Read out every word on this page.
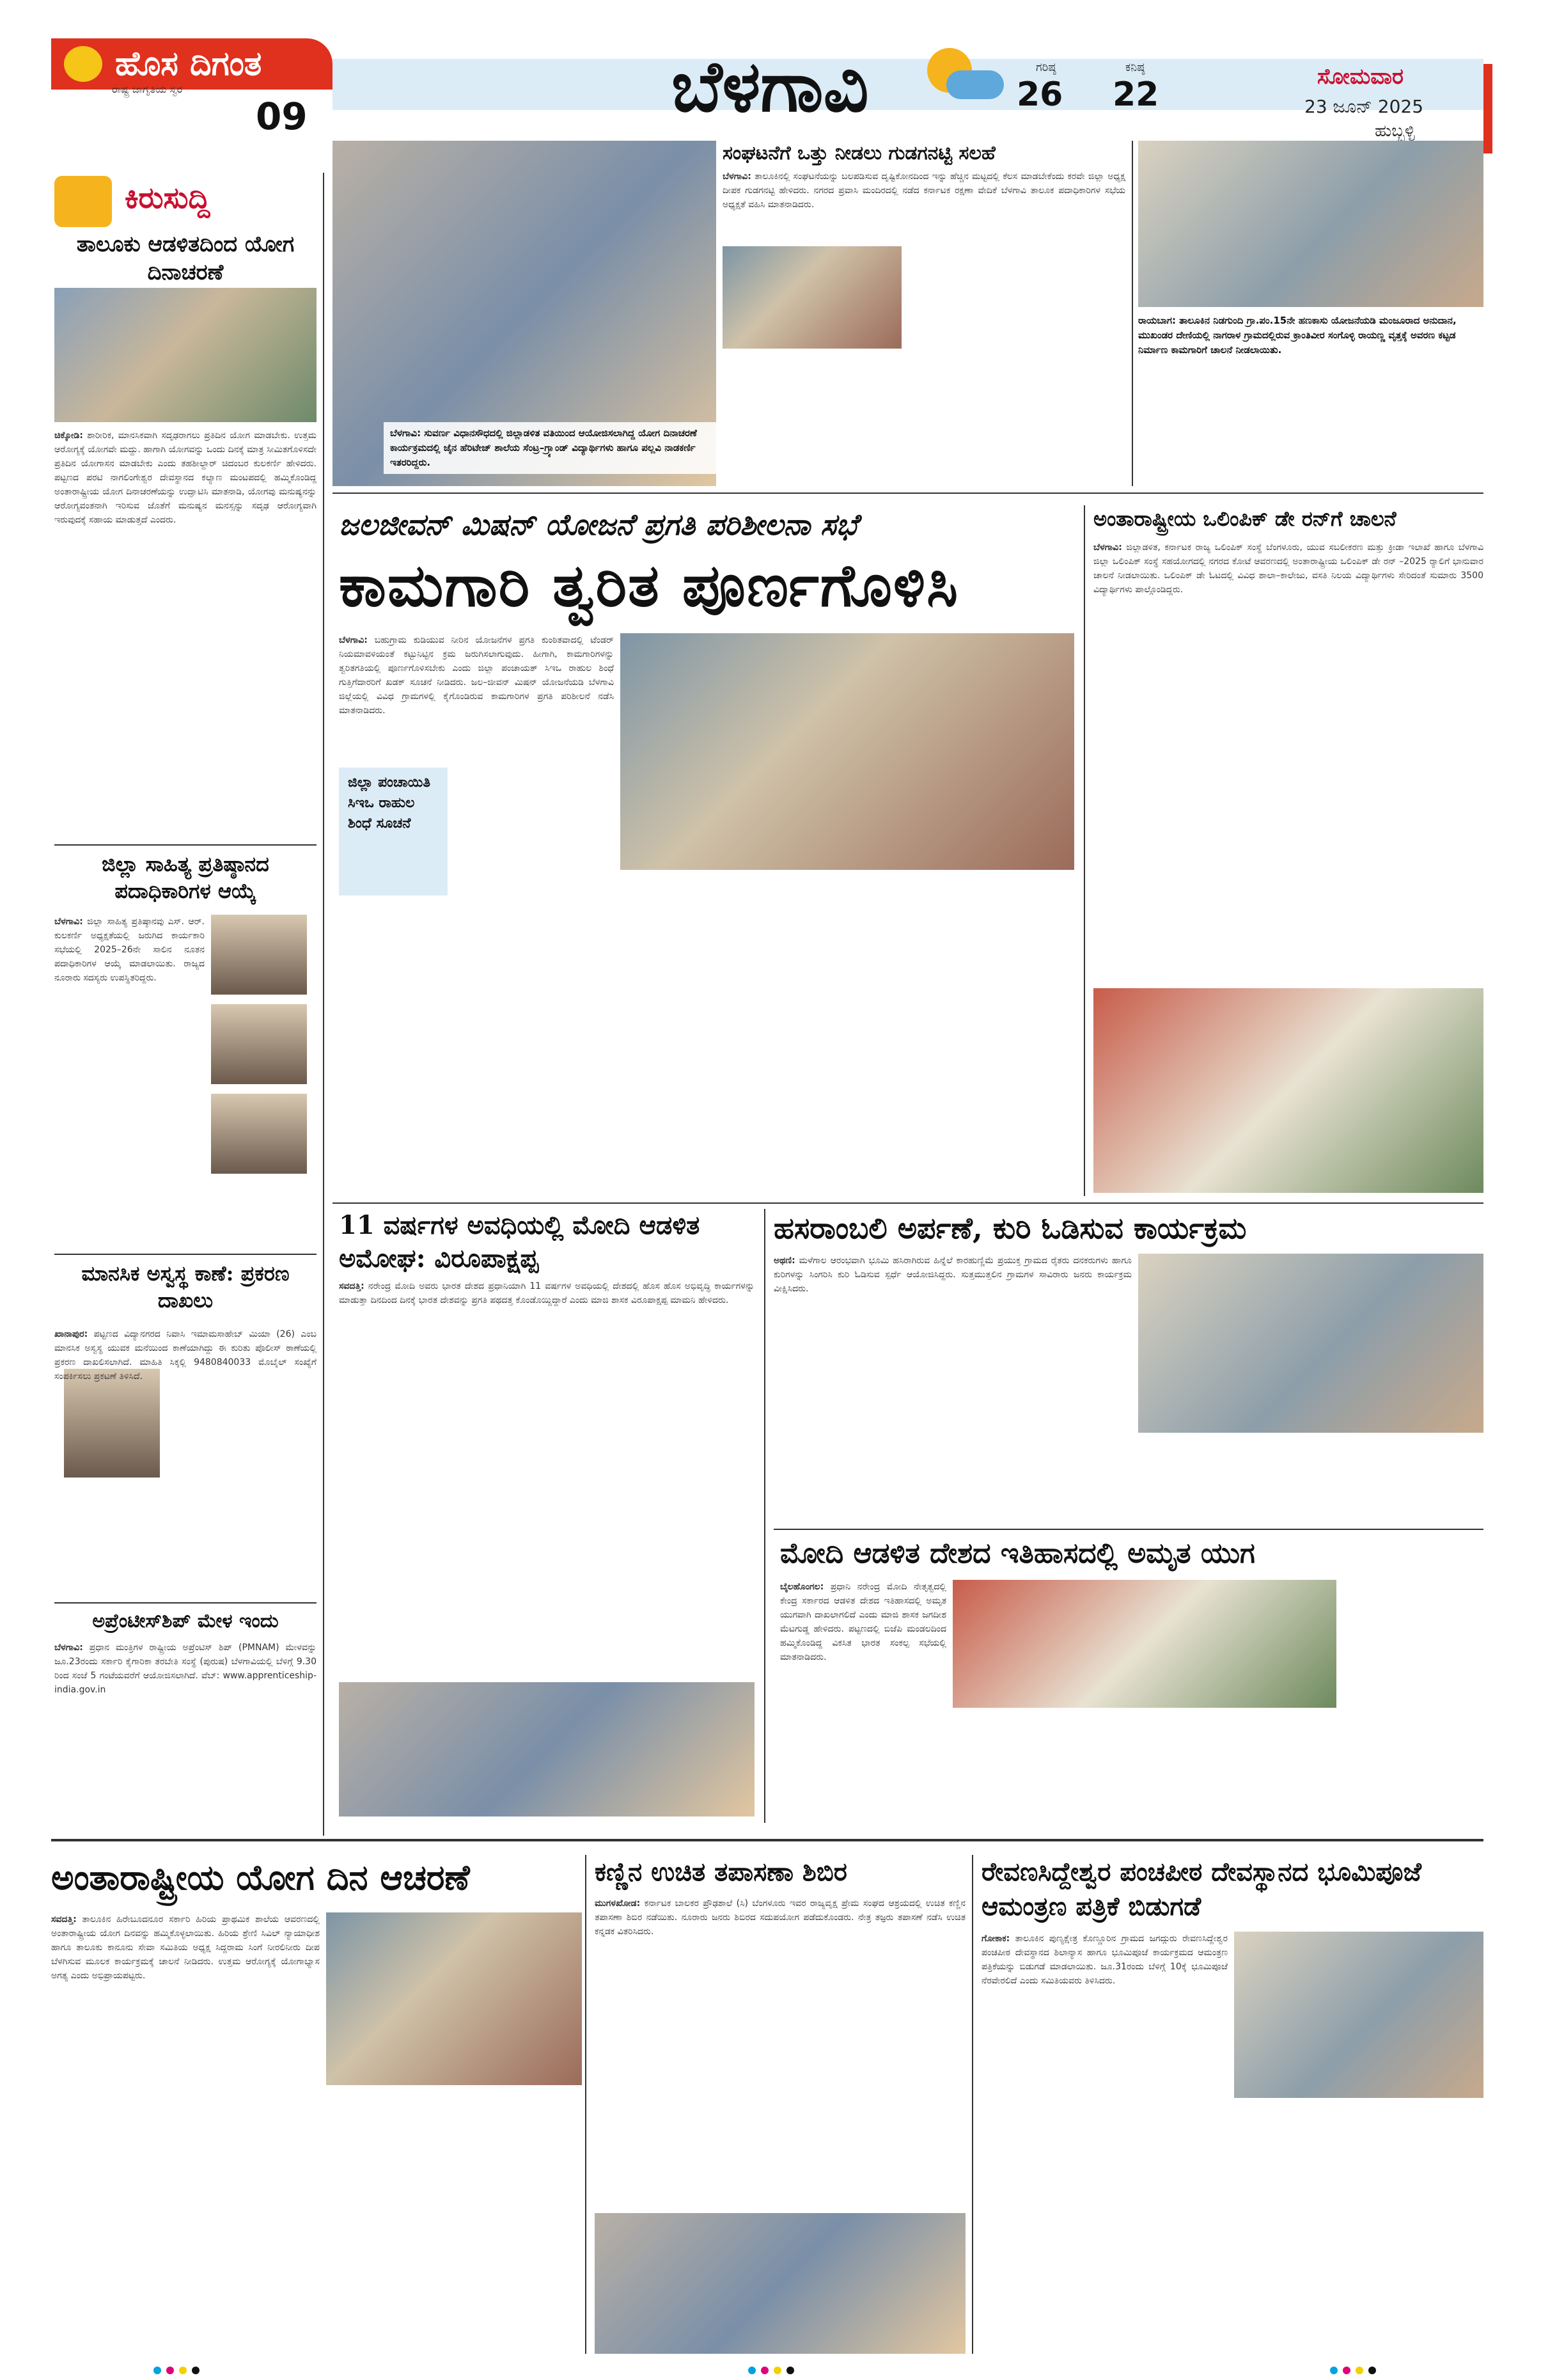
ಹೊಸ ದಿಗಂತ
ರಾಷ್ಟ್ರ ಜಾಗೃತಿಯ ಸ್ವರ
09	ಬೆಳಗಾವಿ	ಗರಿಷ್ಠ
26
ಕನಿಷ್ಠ
22	ಸೋಮವಾರ
23 ಜೂನ್ 2025
ಹುಬ್ಬಳ್ಳಿ
ಕಿರುಸುದ್ದಿ
ತಾಲೂಕು ಆಡಳಿತದಿಂದ ಯೋಗ ದಿನಾಚರಣೆ
ಚಿಕ್ಕೋಡಿ: ಶಾರೀರಿಕ, ಮಾನಸಿಕವಾಗಿ ಸದೃಢರಾಗಲು ಪ್ರತಿದಿನ ಯೋಗ ಮಾಡಬೇಕು. ಉತ್ತಮ ಆರೋಗ್ಯಕ್ಕೆ ಯೋಗವೇ ಮದ್ದು. ಹಾಗಾಗಿ ಯೋಗವನ್ನು ಒಂದು ದಿನಕ್ಕೆ ಮಾತ್ರ ಸೀಮಿತಗೊಳಿಸದೇ ಪ್ರತಿದಿನ ಯೋಗಾಸನ ಮಾಡಬೇಕು ಎಂದು ತಹಶೀಲ್ದಾರ್ ಚಿದಂಬರ ಕುಲಕರ್ಣಿ ಹೇಳಿದರು. ಪಟ್ಟಣದ ಪರಟಿ ನಾಗಲಿಂಗೇಶ್ವರ ದೇವಸ್ಥಾನದ ಕಲ್ಯಾಣ ಮಂಟಪದಲ್ಲಿ ಹಮ್ಮಿಕೊಂಡಿದ್ದ ಅಂತಾರಾಷ್ಟ್ರೀಯ ಯೋಗ ದಿನಾಚರಣೆಯನ್ನು ಉದ್ಘಾಟಿಸಿ ಮಾತನಾಡಿ, ಯೋಗವು ಮನುಷ್ಯನನ್ನು ಆರೋಗ್ಯವಂತನಾಗಿ ಇರಿಸುವ ಜೊತೆಗೆ ಮನುಷ್ಯನ ಮನಸ್ಸನ್ನು ಸದೃಢ ಆರೋಗ್ಯವಾಗಿ ಇರುವುದಕ್ಕೆ ಸಹಾಯ ಮಾಡುತ್ತದೆ ಎಂದರು.
ಜಿಲ್ಲಾ ಸಾಹಿತ್ಯ ಪ್ರತಿಷ್ಠಾನದ ಪದಾಧಿಕಾರಿಗಳ ಆಯ್ಕೆ
ಬೆಳಗಾವಿ: ಜಿಲ್ಲಾ ಸಾಹಿತ್ಯ ಪ್ರತಿಷ್ಠಾನವು ಎಸ್. ಆರ್. ಕುಲಕರ್ಣಿ ಅಧ್ಯಕ್ಷತೆಯಲ್ಲಿ ಜರುಗಿದ ಕಾರ್ಯಕಾರಿ ಸಭೆಯಲ್ಲಿ 2025–26ನೇ ಸಾಲಿನ ನೂತನ ಪದಾಧಿಕಾರಿಗಳ ಆಯ್ಕೆ ಮಾಡಲಾಯಿತು. ರಾಜ್ಯದ ನೂರಾರು ಸದಸ್ಯರು ಉಪಸ್ಥಿತರಿದ್ದರು.
ಮಾನಸಿಕ ಅಸ್ವಸ್ಥ ಕಾಣೆ: ಪ್ರಕರಣ ದಾಖಲು
ಖಾನಾಪುರ: ಪಟ್ಟಣದ ವಿದ್ಯಾನಗರದ ನಿವಾಸಿ ಇಮಾಮಸಾಹೇಬ್ ಮಿಯಾ (26) ಎಂಬ ಮಾನಸಿಕ ಅಸ್ವಸ್ಥ ಯುವಕ ಮನೆಯಿಂದ ಕಾಣೆಯಾಗಿದ್ದು ಈ ಕುರಿತು ಪೊಲೀಸ್ ಠಾಣೆಯಲ್ಲಿ ಪ್ರಕರಣ ದಾಖಲಿಸಲಾಗಿದೆ. ಮಾಹಿತಿ ಸಿಕ್ಕಲ್ಲಿ 9480840033 ಮೊಬೈಲ್ ಸಂಖ್ಯೆಗೆ ಸಂಪರ್ಕಿಸಲು ಪ್ರಕಟಣೆ ತಿಳಿಸಿದೆ.
ಅಪ್ರೆಂಟೀಸ್‌ಶಿಪ್ ಮೇಳ ಇಂದು
ಬೆಳಗಾವಿ: ಪ್ರಧಾನ ಮಂತ್ರಿಗಳ ರಾಷ್ಟ್ರೀಯ ಅಪ್ರೆಂಟಿಸ್ ಶಿಪ್ (PMNAM) ಮೇಳವನ್ನು ಜೂ.23ರಂದು ಸರ್ಕಾರಿ ಕೈಗಾರಿಕಾ ತರಬೇತಿ ಸಂಸ್ಥೆ (ಪುರುಷ) ಬೆಳಗಾವಿಯಲ್ಲಿ ಬೆಳಿಗ್ಗೆ 9.30 ರಿಂದ ಸಂಜೆ 5 ಗಂಟೆಯವರೆಗೆ ಆಯೋಜಿಸಲಾಗಿದೆ. ವೆಬ್: www.apprenticeship-india.gov.in
ಬೆಳಗಾವಿ: ಸುವರ್ಣ ವಿಧಾನಸೌಧದಲ್ಲಿ ಜಿಲ್ಲಾಡಳಿತ ವತಿಯಿಂದ ಆಯೋಜಿಸಲಾಗಿದ್ದ ಯೋಗ ದಿನಾಚರಣೆ ಕಾರ್ಯಕ್ರಮದಲ್ಲಿ ಜೈನ ಹೆರಿಟೇಜ್ ಶಾಲೆಯ ಸೆಂಟ್ರ–ಗ್ರ್ಯಾಂಡ್ ವಿದ್ಯಾರ್ಥಿಗಳು ಹಾಗೂ ಪಲ್ಲವಿ ನಾಡಕರ್ಣಿ ಇತರರಿದ್ದರು.
ಸಂಘಟನೆಗೆ ಒತ್ತು ನೀಡಲು ಗುಡಗನಟ್ಟಿ ಸಲಹೆ
ಬೆಳಗಾವಿ: ತಾಲೂಕಿನಲ್ಲಿ ಸಂಘಟನೆಯನ್ನು ಬಲಪಡಿಸುವ ದೃಷ್ಟಿಕೋನದಿಂದ ಇನ್ನು ಹೆಚ್ಚಿನ ಮಟ್ಟದಲ್ಲಿ ಕೆಲಸ ಮಾಡಬೇಕೆಂದು ಕರವೇ ಜಿಲ್ಲಾ ಅಧ್ಯಕ್ಷ ದೀಪಕ ಗುಡಗನಟ್ಟಿ ಹೇಳಿದರು. ನಗರದ ಪ್ರವಾಸಿ ಮಂದಿರದಲ್ಲಿ ನಡೆದ ಕರ್ನಾಟಕ ರಕ್ಷಣಾ ವೇದಿಕೆ ಬೆಳಗಾವಿ ತಾಲೂಕ ಪದಾಧಿಕಾರಿಗಳ ಸಭೆಯ ಅಧ್ಯಕ್ಷತೆ ವಹಿಸಿ ಮಾತನಾಡಿದರು.
ರಾಯಬಾಗ: ತಾಲೂಕಿನ ನಿಡಗುಂದಿ ಗ್ರಾ.ಪಂ.15ನೇ ಹಣಕಾಸು ಯೋಜನೆಯಡಿ ಮಂಜೂರಾದ ಅನುದಾನ, ಮುಖಂಡರ ದೇಣಿಯಲ್ಲಿ ನಾಗರಾಳ ಗ್ರಾಮದಲ್ಲಿರುವ ಕ್ರಾಂತಿವೀರ ಸಂಗೊಳ್ಳಿ ರಾಯಣ್ಣ ವೃತ್ತಕ್ಕೆ ಅವರಣ ಕಟ್ಟಡ ನಿರ್ಮಾಣ ಕಾಮಗಾರಿಗೆ ಚಾಲನೆ ನೀಡಲಾಯಿತು.
ಜಲಜೀವನ್ ಮಿಷನ್ ಯೋಜನೆ ಪ್ರಗತಿ ಪರಿಶೀಲನಾ ಸಭೆ
ಕಾಮಗಾರಿ ತ್ವರಿತ ಪೂರ್ಣಗೊಳಿಸಿ
ಬೆಳಗಾವಿ: ಬಹುಗ್ರಾಮ ಕುಡಿಯುವ ನೀರಿನ ಯೋಜನೆಗಳ ಪ್ರಗತಿ ಕುಂಠಿತವಾದಲ್ಲಿ ಟೆಂಡರ್ ನಿಯಮಾವಳಿಯಂತೆ ಕಟ್ಟುನಿಟ್ಟಿನ ಕ್ರಮ ಜರುಗಿಸಲಾಗುವುದು. ಹೀಗಾಗಿ, ಕಾಮಗಾರಿಗಳನ್ನು ತ್ವರಿತಗತಿಯಲ್ಲಿ ಪೂರ್ಣಗೊಳಿಸಬೇಕು ಎಂದು ಜಿಲ್ಲಾ ಪಂಚಾಯತ್ ಸಿಇಒ ರಾಹುಲ ಶಿಂಧೆ ಗುತ್ತಿಗೆದಾರರಿಗೆ ಖಡಕ್ ಸೂಚನೆ ನೀಡಿದರು. ಜಲ–ಜೀವನ್ ಮಿಷನ್ ಯೋಜನೆಯಡಿ ಬೆಳಗಾವಿ ಜಿಲ್ಲೆಯಲ್ಲಿ ವಿವಿಧ ಗ್ರಾಮಗಳಲ್ಲಿ ಕೈಗೊಂಡಿರುವ ಕಾಮಗಾರಿಗಳ ಪ್ರಗತಿ ಪರಿಶೀಲನೆ ನಡೆಸಿ ಮಾತನಾಡಿದರು.
ಜಿಲ್ಲಾ ಪಂಚಾಯಿತಿ ಸಿಇಒ ರಾಹುಲ ಶಿಂಧೆ ಸೂಚನೆ
ಅಂತಾರಾಷ್ಟ್ರೀಯ ಒಲಿಂಪಿಕ್ ಡೇ ರನ್‌ಗೆ ಚಾಲನೆ
ಬೆಳಗಾವಿ: ಜಿಲ್ಲಾಡಳಿತ, ಕರ್ನಾಟಕ ರಾಜ್ಯ ಒಲಿಂಪಿಕ್ ಸಂಸ್ಥೆ ಬೆಂಗಳೂರು, ಯುವ ಸಬಲೀಕರಣ ಮತ್ತು ಕ್ರೀಡಾ ಇಲಾಖೆ ಹಾಗೂ ಬೆಳಗಾವಿ ಜಿಲ್ಲಾ ಒಲಿಂಪಿಕ್ ಸಂಸ್ಥೆ ಸಹಯೋಗದಲ್ಲಿ ನಗರದ ಕೋಟೆ ಆವರಣದಲ್ಲಿ ಅಂತಾರಾಷ್ಟ್ರೀಯ ಒಲಿಂಪಿಕ್ ಡೇ ರನ್ –2025 ರ‍್ಯಾಲಿಗೆ ಭಾನುವಾರ ಚಾಲನೆ ನೀಡಲಾಯಿತು. ಒಲಿಂಪಿಕ್ ಡೇ ಓಟದಲ್ಲಿ ವಿವಿಧ ಶಾಲಾ–ಕಾಲೇಜು, ವಸತಿ ನಿಲಯ ವಿದ್ಯಾರ್ಥಿಗಳು ಸೇರಿದಂತೆ ಸುಮಾರು 3500 ವಿದ್ಯಾರ್ಥಿಗಳು ಪಾಲ್ಗೊಂಡಿದ್ದರು.
11 ವರ್ಷಗಳ ಅವಧಿಯಲ್ಲಿ ಮೋದಿ ಆಡಳಿತ ಅಮೋಘ: ವಿರೂಪಾಕ್ಷಪ್ಪ
ಸವದತ್ತಿ: ನರೇಂದ್ರ ಮೋದಿ ಅವರು ಭಾರತ ದೇಶದ ಪ್ರಧಾನಿಯಾಗಿ 11 ವರ್ಷಗಳ ಅವಧಿಯಲ್ಲಿ ದೇಶದಲ್ಲಿ ಹೊಸ ಹೊಸ ಅಭಿವೃದ್ಧಿ ಕಾರ್ಯಗಳನ್ನು ಮಾಡುತ್ತಾ ದಿನದಿಂದ ದಿನಕ್ಕೆ ಭಾರತ ದೇಶವನ್ನು ಪ್ರಗತಿ ಪಥದತ್ತ ಕೊಂಡೊಯ್ದಿದ್ದಾರೆ ಎಂದು ಮಾಜಿ ಶಾಸಕ ವಿರೂಪಾಕ್ಷಪ್ಪ ಮಾಮನಿ ಹೇಳಿದರು.
ಹಸರಾಂಬಲಿ ಅರ್ಪಣೆ, ಕುರಿ ಓಡಿಸುವ ಕಾರ್ಯಕ್ರಮ
ಅಥಣಿ: ಮಳೆಗಾಲ ಆರಂಭವಾಗಿ ಭೂಮಿ ಹಸಿರಾಗಿರುವ ಹಿನ್ನೆಲೆ ಕಾರಹುಣ್ಣಿಮೆ ಪ್ರಯುಕ್ತ ಗ್ರಾಮದ ರೈತರು ದನಕರುಗಳು ಹಾಗೂ ಕುರಿಗಳನ್ನು ಸಿಂಗರಿಸಿ ಕುರಿ ಓಡಿಸುವ ಸ್ಪರ್ಧೆ ಆಯೋಜಿಸಿದ್ದರು. ಸುತ್ತಮುತ್ತಲಿನ ಗ್ರಾಮಗಳ ಸಾವಿರಾರು ಜನರು ಕಾರ್ಯಕ್ರಮ ವೀಕ್ಷಿಸಿದರು.
ಮೋದಿ ಆಡಳಿತ ದೇಶದ ಇತಿಹಾಸದಲ್ಲಿ ಅಮೃತ ಯುಗ
ಬೈಲಹೊಂಗಲ: ಪ್ರಧಾನಿ ನರೇಂದ್ರ ಮೋದಿ ನೇತೃತ್ವದಲ್ಲಿ ಕೇಂದ್ರ ಸರ್ಕಾರದ ಆಡಳಿತ ದೇಶದ ಇತಿಹಾಸದಲ್ಲಿ ಅಮೃತ ಯುಗವಾಗಿ ದಾಖಲಾಗಲಿದೆ ಎಂದು ಮಾಜಿ ಶಾಸಕ ಜಗದೀಶ ಮೆಟಗುಡ್ಡ ಹೇಳಿದರು. ಪಟ್ಟಣದಲ್ಲಿ ಬಿಜೆಪಿ ಮಂಡಲದಿಂದ ಹಮ್ಮಿಕೊಂಡಿದ್ದ ವಿಕಸಿತ ಭಾರತ ಸಂಕಲ್ಪ ಸಭೆಯಲ್ಲಿ ಮಾತನಾಡಿದರು.
ಅಂತಾರಾಷ್ಟ್ರೀಯ ಯೋಗ ದಿನ ಆಚರಣೆ
ಸವದತ್ತಿ: ತಾಲೂಕಿನ ಹಿರೇಬೂದನೂರ ಸರ್ಕಾರಿ ಹಿರಿಯ ಪ್ರಾಥಮಿಕ ಶಾಲೆಯ ಆವರಣದಲ್ಲಿ ಅಂತಾರಾಷ್ಟ್ರೀಯ ಯೋಗ ದಿನವನ್ನು ಹಮ್ಮಿಕೊಳ್ಳಲಾಯಿತು. ಹಿರಿಯ ಶ್ರೇಣಿ ಸಿವಿಲ್ ನ್ಯಾಯಾಧೀಶ ಹಾಗೂ ತಾಲೂಕು ಕಾನೂನು ಸೇವಾ ಸಮಿತಿಯ ಅಧ್ಯಕ್ಷ ಸಿದ್ದರಾಮ ಸಿಂಗೆ ನೀರಲಿನೀರು ದೀಪ ಬೆಳಗಿಸುವ ಮೂಲಕ ಕಾರ್ಯಕ್ರಮಕ್ಕೆ ಚಾಲನೆ ನೀಡಿದರು. ಉತ್ತಮ ಆರೋಗ್ಯಕ್ಕೆ ಯೋಗಾಭ್ಯಾಸ ಅಗತ್ಯ ಎಂದು ಅಭಿಪ್ರಾಯಪಟ್ಟರು.
ಕಣ್ಣಿನ ಉಚಿತ ತಪಾಸಣಾ ಶಿಬಿರ
ಮುಗಳಖೋಡ: ಕರ್ನಾಟಕ ಬಾಲಕರ ಪ್ರೌಢಶಾಲೆ (ಸಿ) ಬೆಂಗಳೂರು ಇವರ ರಾಜ್ಯವೃಕ್ಷ ಪ್ರೇಮ ಸಂಘದ ಆಶ್ರಯದಲ್ಲಿ ಉಚಿತ ಕಣ್ಣಿನ ತಪಾಸಣಾ ಶಿಬಿರ ನಡೆಯಿತು. ನೂರಾರು ಜನರು ಶಿಬಿರದ ಸದುಪಯೋಗ ಪಡೆದುಕೊಂಡರು. ನೇತ್ರ ತಜ್ಞರು ತಪಾಸಣೆ ನಡೆಸಿ ಉಚಿತ ಕನ್ನಡಕ ವಿತರಿಸಿದರು.
ರೇವಣಸಿದ್ದೇಶ್ವರ ಪಂಚಪೀಠ ದೇವಸ್ಥಾನದ ಭೂಮಿಪೂಜೆ ಆಮಂತ್ರಣ ಪತ್ರಿಕೆ ಬಿಡುಗಡೆ
ಗೋಕಾಕ: ತಾಲೂಕಿನ ಪುಣ್ಯಕ್ಷೇತ್ರ ಕೊಣ್ಣೂರಿನ ಗ್ರಾಮದ ಜಗದ್ಗುರು ರೇವಣಸಿದ್ದೇಶ್ವರ ಪಂಚಪೀಠ ದೇವಸ್ಥಾನದ ಶಿಲಾನ್ಯಾಸ ಹಾಗೂ ಭೂಮಿಪೂಜೆ ಕಾರ್ಯಕ್ರಮದ ಆಮಂತ್ರಣ ಪತ್ರಿಕೆಯನ್ನು ಬಿಡುಗಡೆ ಮಾಡಲಾಯಿತು. ಜೂ.31ರಂದು ಬೆಳಿಗ್ಗೆ 10ಕ್ಕೆ ಭೂಮಿಪೂಜೆ ನೆರವೇರಲಿದೆ ಎಂದು ಸಮಿತಿಯವರು ತಿಳಿಸಿದರು.
